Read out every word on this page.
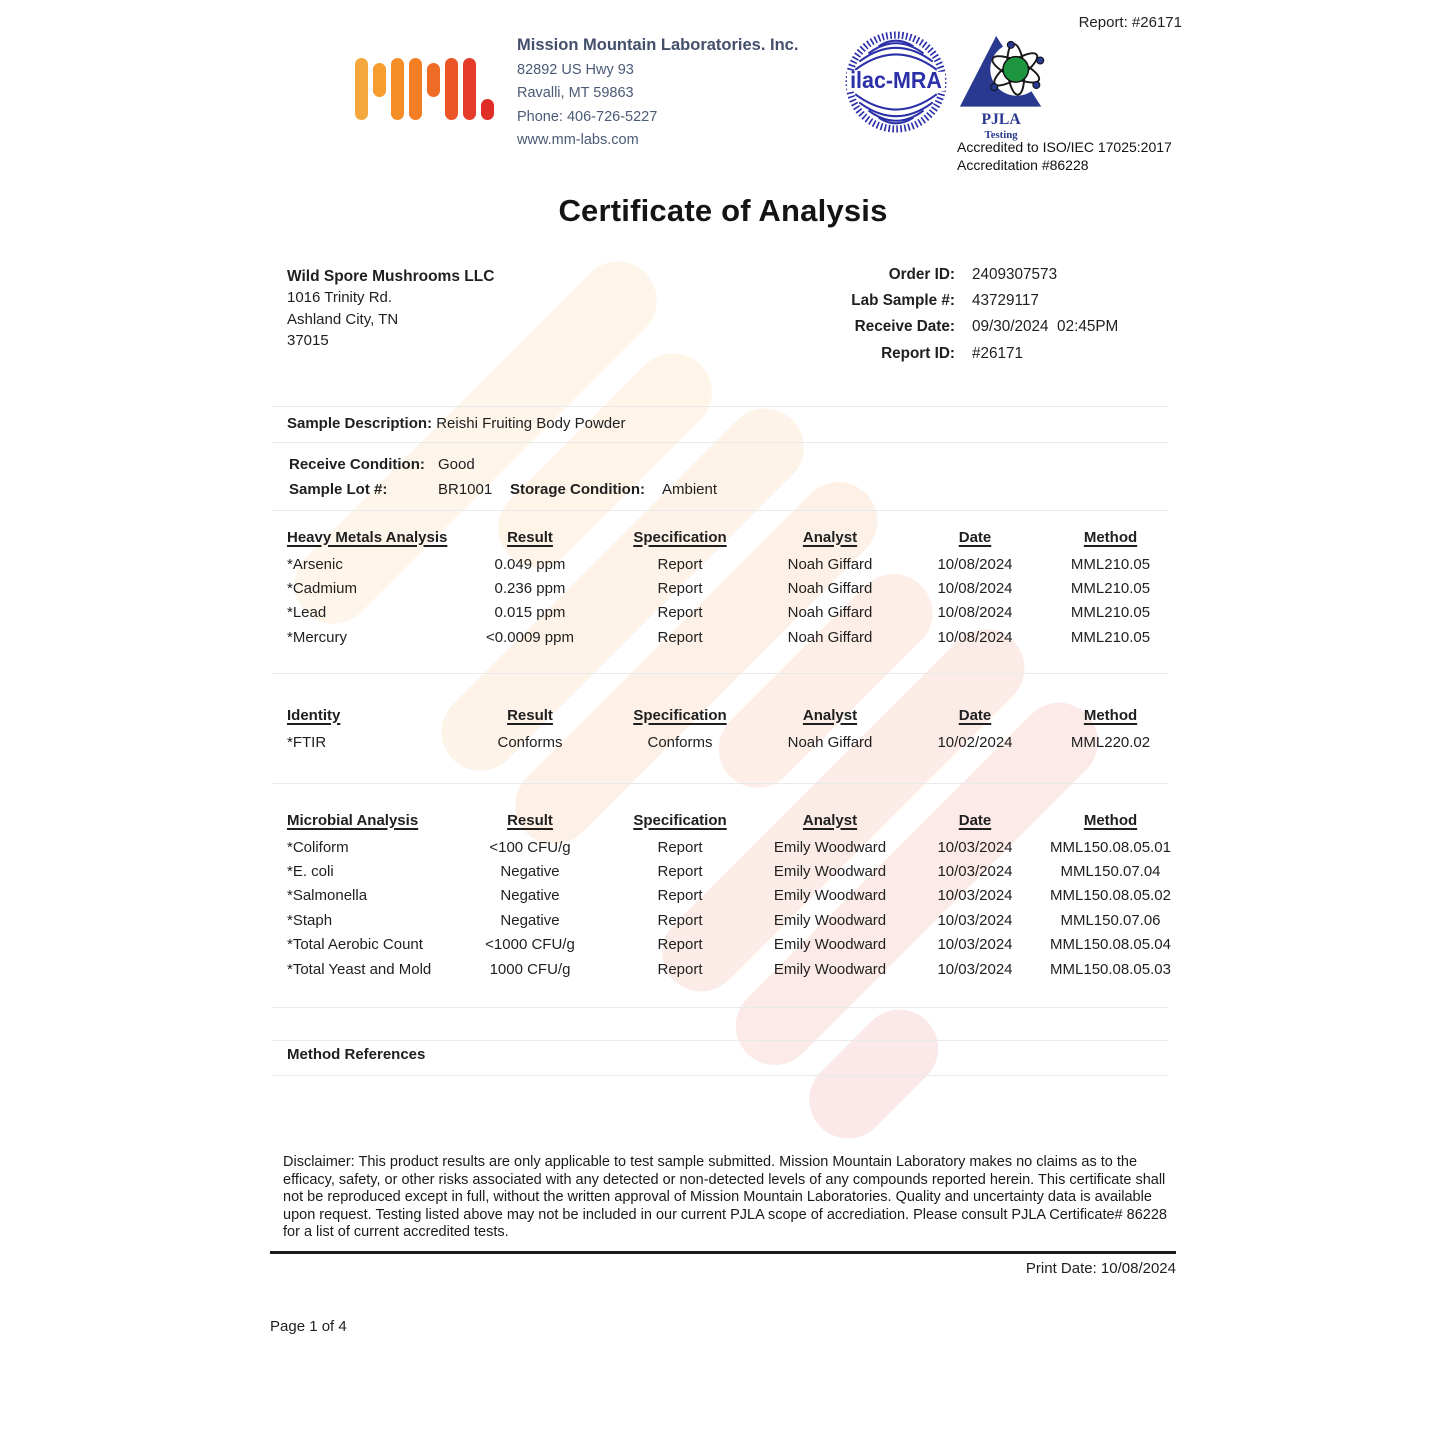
Report: #26171
Mission Mountain Laboratories. Inc.
82892 US Hwy 93
Ravalli, MT 59863
Phone: 406-726-5227
www.mm-labs.com
ilac-MRA
PJLA
Testing
Accredited to ISO/IEC 17025:2017
Accreditation #86228
Certificate of Analysis
Wild Spore Mushrooms LLC
1016 Trinity Rd.
Ashland City, TN
37015
Order ID: 2409307573
Lab Sample #: 43729117
Receive Date: 09/30/2024  02:45PM
Report ID: #26171
Sample Description: Reishi Fruiting Body Powder
Receive Condition: Good
Sample Lot #:	BR1001 Storage Condition: Ambient
Heavy Metals Analysis	Result	Specification	Analyst	Date	Method
*Arsenic	0.049 ppm	Report	Noah Giffard	10/08/2024	MML210.05
*Cadmium	0.236 ppm	Report	Noah Giffard	10/08/2024	MML210.05
*Lead	0.015 ppm	Report	Noah Giffard	10/08/2024	MML210.05
*Mercury	<0.0009 ppm	Report	Noah Giffard	10/08/2024	MML210.05
Identity	Result	Specification	Analyst	Date	Method
*FTIR	Conforms	Conforms	Noah Giffard	10/02/2024	MML220.02
Microbial Analysis	Result	Specification	Analyst	Date	Method
*Coliform	<100 CFU/g	Report	Emily Woodward	10/03/2024	MML150.08.05.01
*E. coli	Negative	Report	Emily Woodward	10/03/2024	MML150.07.04
*Salmonella	Negative	Report	Emily Woodward	10/03/2024	MML150.08.05.02
*Staph	Negative	Report	Emily Woodward	10/03/2024	MML150.07.06
*Total Aerobic Count	<1000 CFU/g	Report	Emily Woodward	10/03/2024	MML150.08.05.04
*Total Yeast and Mold	1000 CFU/g	Report	Emily Woodward	10/03/2024	MML150.08.05.03
Method References
Disclaimer: This product results are only applicable to test sample submitted. Mission Mountain Laboratory makes no claims as to the efficacy, safety, or other risks associated with any detected or non-detected levels of any compounds reported herein. This certificate shall not be reproduced except in full, without the written approval of Mission Mountain Laboratories. Quality and uncertainty data is available upon request. Testing listed above may not be included in our current PJLA scope of accrediation. Please consult PJLA Certificate# 86228 for a list of current accredited tests.
Print Date: 10/08/2024
Page 1 of 4
